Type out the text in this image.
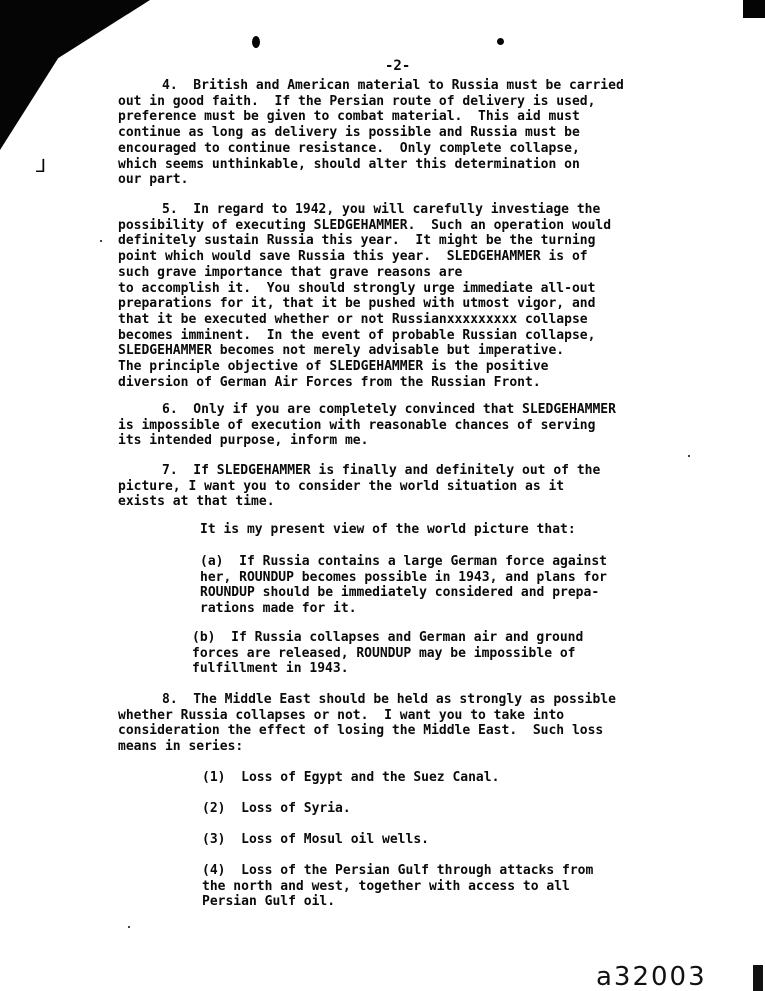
⅃
-2-
4.  British and American material to Russia must be carried
out in good faith.  If the Persian route of delivery is used,
preference must be given to combat material.  This aid must
continue as long as delivery is possible and Russia must be
encouraged to continue resistance.  Only complete collapse,
which seems unthinkable, should alter this determination on
our part.
5.  In regard to 1942, you will carefully investiage the
possibility of executing SLEDGEHAMMER.  Such an operation would
definitely sustain Russia this year.  It might be the turning
point which would save Russia this year.  SLEDGEHAMMER is of
such grave importance that grave reasons are
to accomplish it.  You should strongly urge immediate all-out
preparations for it, that it be pushed with utmost vigor, and
that it be executed whether or not Russianxxxxxxxxx collapse
becomes imminent.  In the event of probable Russian collapse,
SLEDGEHAMMER becomes not merely advisable but imperative.
The principle objective of SLEDGEHAMMER is the positive
diversion of German Air Forces from the Russian Front.
6.  Only if you are completely convinced that SLEDGEHAMMER
is impossible of execution with reasonable chances of serving
its intended purpose, inform me.
7.  If SLEDGEHAMMER is finally and definitely out of the
picture, I want you to consider the world situation as it
exists at that time.
It is my present view of the world picture that:
(a)  If Russia contains a large German force against
her, ROUNDUP becomes possible in 1943, and plans for
ROUNDUP should be immediately considered and prepa-
rations made for it.
(b)  If Russia collapses and German air and ground
forces are released, ROUNDUP may be impossible of
fulfillment in 1943.
8.  The Middle East should be held as strongly as possible
whether Russia collapses or not.  I want you to take into
consideration the effect of losing the Middle East.  Such loss
means in series:
(1)  Loss of Egypt and the Suez Canal.
(2)  Loss of Syria.
(3)  Loss of Mosul oil wells.
(4)  Loss of the Persian Gulf through attacks from
the north and west, together with access to all
Persian Gulf oil.
a32003
